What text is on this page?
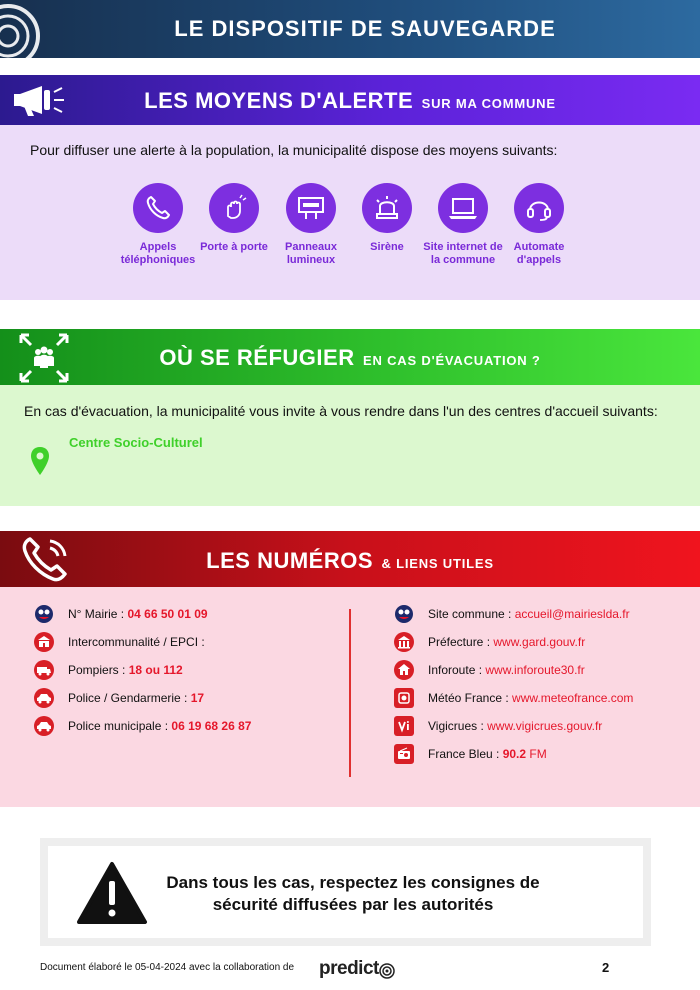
LE DISPOSITIF DE SAUVEGARDE
LES MOYENS D'ALERTE SUR MA COMMUNE
Pour diffuser une alerte à la population, la municipalité dispose des moyens suivants:
Appels téléphoniques
Porte à porte	Panneaux lumineux
Sirène	Site internet de la commune
Automate d'appels
OÙ SE RÉFUGIER EN CAS D'ÉVACUATION ?
En cas d'évacuation, la municipalité vous invite à vous rendre dans l'un des centres d'accueil suivants:
Centre Socio-Culturel
LES NUMÉROS & LIENS UTILES
N° Mairie : 04 66 50 01 09
Intercommunalité / EPCI :
Pompiers : 18 ou 112
Police / Gendarmerie : 17
Police municipale : 06 19 68 26 87
Site commune : accueil@mairieslda.fr
Préfecture : www.gard.gouv.fr
Inforoute : www.inforoute30.fr
Météo France : www.meteofrance.com
Vigicrues : www.vigicrues.gouv.fr
France Bleu : 90.2 FM
Dans tous les cas, respectez les consignes de sécurité diffusées par les autorités
Document élaboré le 05-04-2024 avec la collaboration de predict	2
